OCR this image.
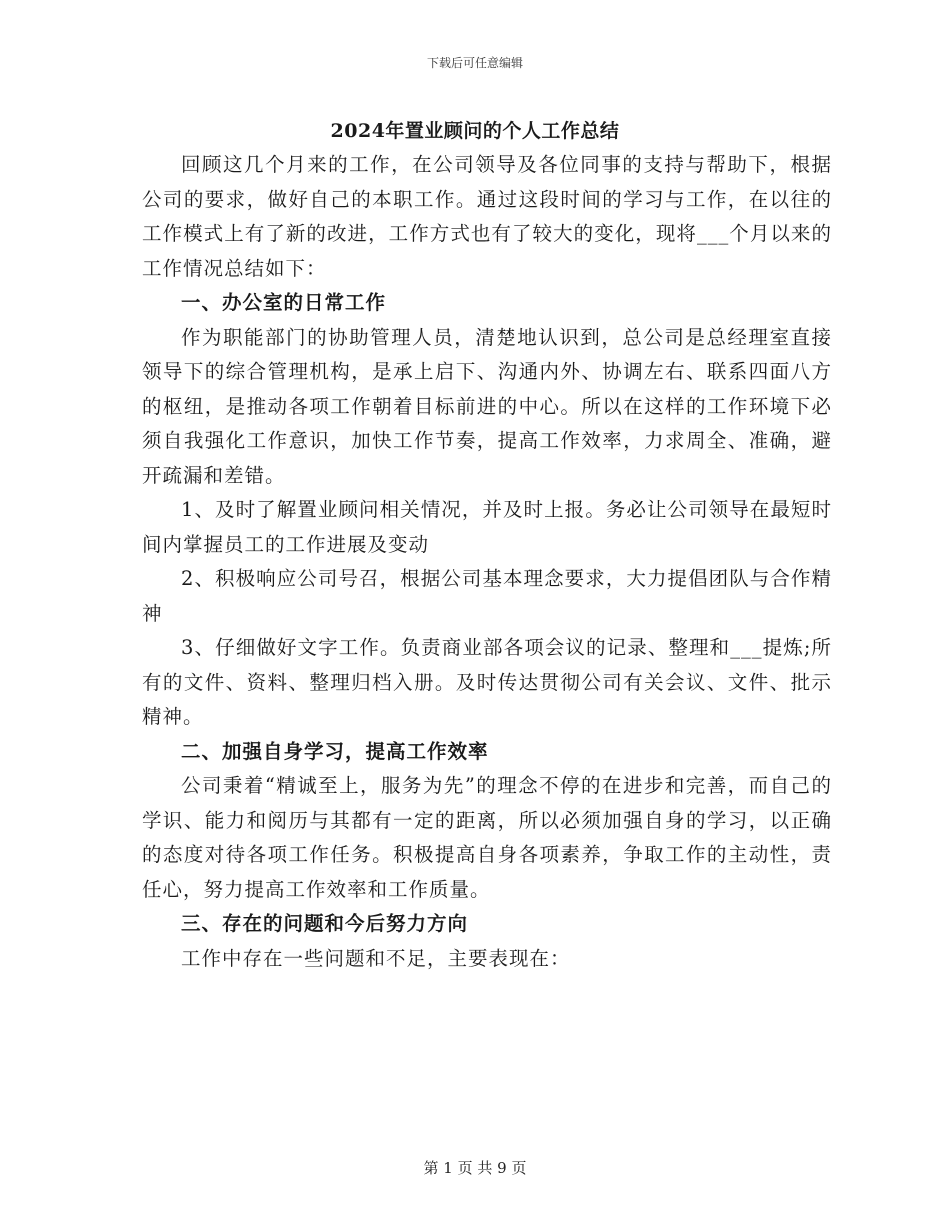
下载后可任意编辑
2024年置业顾问的个人工作总结

回顾这几个月来的工作，在公司领导及各位同事的支持与帮助下，根据公司的要求，做好自己的本职工作。通过这段时间的学习与工作，在以往的工作模式上有了新的改进，工作方式也有了较大的变化，现将___个月以来的工作情况总结如下：

一、办公室的日常工作

作为职能部门的协助管理人员，清楚地认识到，总公司是总经理室直接领导下的综合管理机构，是承上启下、沟通内外、协调左右、联系四面八方的枢纽，是推动各项工作朝着目标前进的中心。所以在这样的工作环境下必须自我强化工作意识，加快工作节奏，提高工作效率，力求周全、准确，避开疏漏和差错。

1、及时了解置业顾问相关情况，并及时上报。务必让公司领导在最短时间内掌握员工的工作进展及变动

2、积极响应公司号召，根据公司基本理念要求，大力提倡团队与合作精神

3、仔细做好文字工作。负责商业部各项会议的记录、整理和___提炼;所有的文件、资料、整理归档入册。及时传达贯彻公司有关会议、文件、批示精神。

二、加强自身学习，提高工作效率

公司秉着“精诚至上，服务为先”的理念不停的在进步和完善，而自己的学识、能力和阅历与其都有一定的距离，所以必须加强自身的学习，以正确的态度对待各项工作任务。积极提高自身各项素养，争取工作的主动性，责任心，努力提高工作效率和工作质量。

三、存在的问题和今后努力方向

工作中存在一些问题和不足，主要表现在：

第 1 页 共 9 页
